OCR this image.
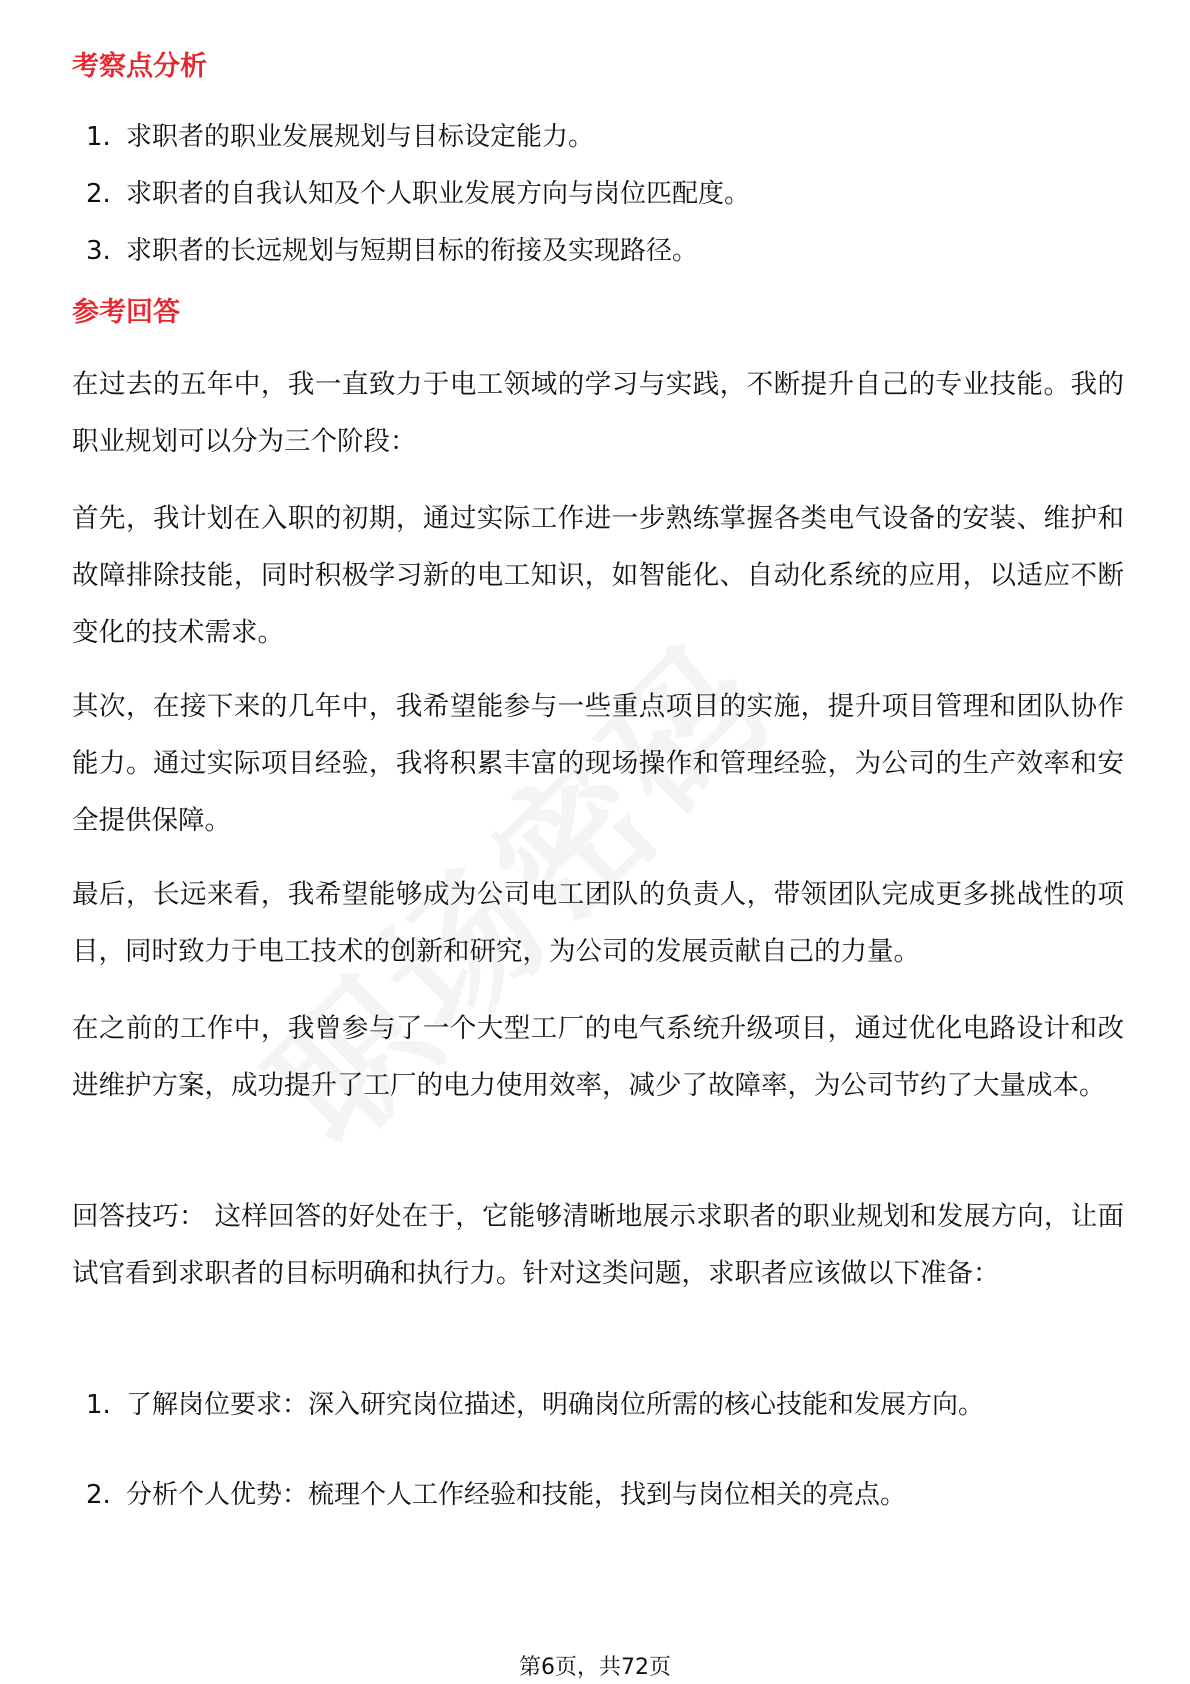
考察点分析
1. 求职者的职业发展规划与目标设定能力。
2. 求职者的自我认知及个人职业发展方向与岗位匹配度。
3. 求职者的长远规划与短期目标的衔接及实现路径。
参考回答

在过去的五年中，我一直致力于电工领域的学习与实践，不断提升自己的专业技能。我的职业规划可以分为三个阶段：

首先，我计划在入职的初期，通过实际工作进一步熟练掌握各类电气设备的安装、维护和故障排除技能，同时积极学习新的电工知识，如智能化、自动化系统的应用，以适应不断变化的技术需求。

其次，在接下来的几年中，我希望能参与一些重点项目的实施，提升项目管理和团队协作能力。通过实际项目经验，我将积累丰富的现场操作和管理经验，为公司的生产效率和安全提供保障。

最后，长远来看，我希望能够成为公司电工团队的负责人，带领团队完成更多挑战性的项目，同时致力于电工技术的创新和研究，为公司的发展贡献自己的力量。

在之前的工作中，我曾参与了一个大型工厂的电气系统升级项目，通过优化电路设计和改进维护方案，成功提升了工厂的电力使用效率，减少了故障率，为公司节约了大量成本。

回答技巧： 这样回答的好处在于，它能够清晰地展示求职者的职业规划和发展方向，让面试官看到求职者的目标明确和执行力。针对这类问题，求职者应该做以下准备：

1. 了解岗位要求：深入研究岗位描述，明确岗位所需的核心技能和发展方向。
2. 分析个人优势：梳理个人工作经验和技能，找到与岗位相关的亮点。
第6页，共72页
